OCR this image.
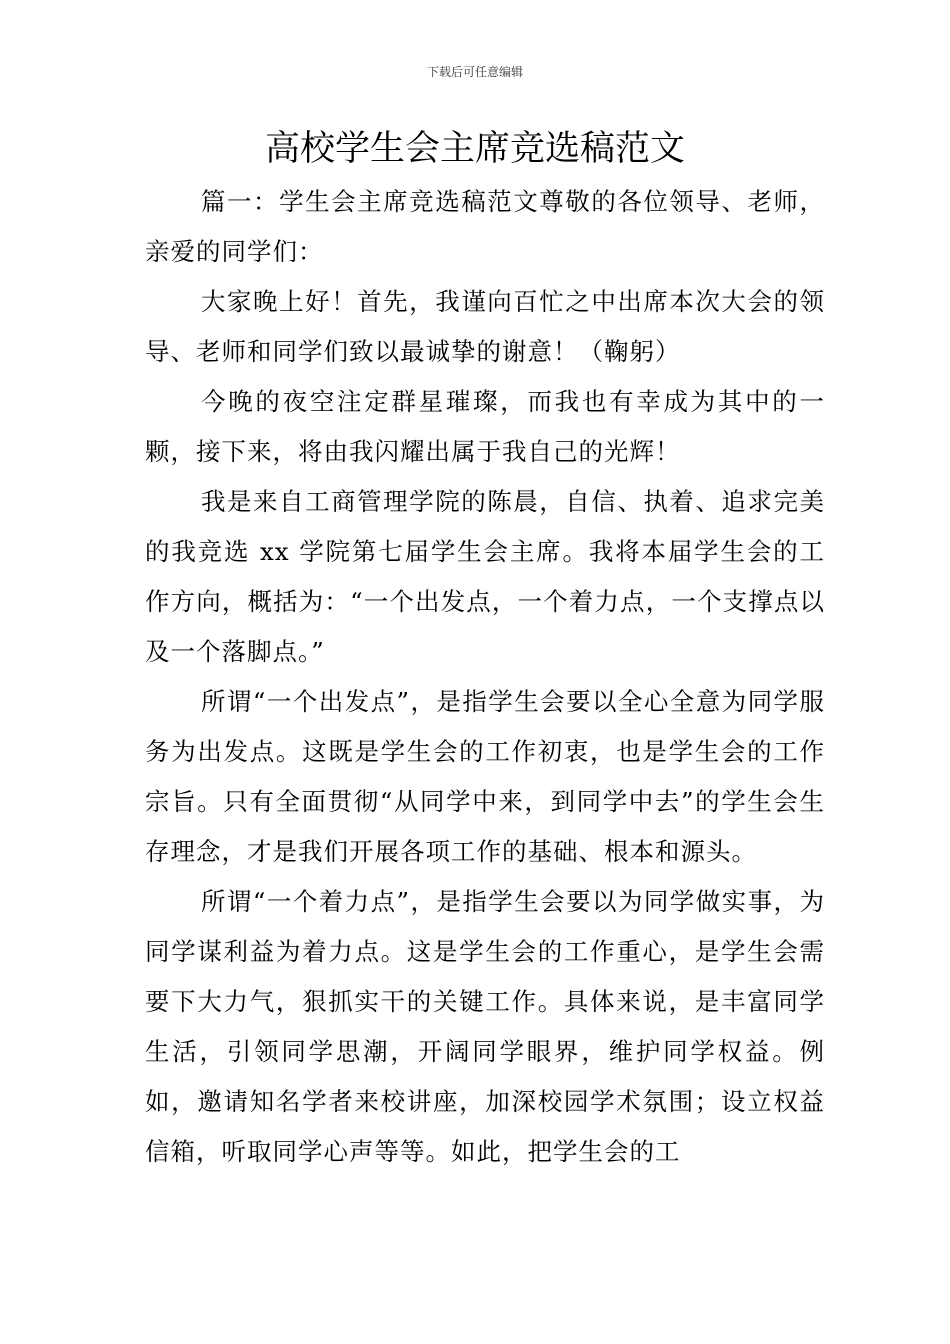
下载后可任意编辑
高校学生会主席竞选稿范文

篇一：学生会主席竞选稿范文尊敬的各位领导、老师，亲爱的同学们：

大家晚上好！首先，我谨向百忙之中出席本次大会的领导、老师和同学们致以最诚挚的谢意！（鞠躬）

今晚的夜空注定群星璀璨，而我也有幸成为其中的一颗，接下来，将由我闪耀出属于我自己的光辉！

我是来自工商管理学院的陈晨，自信、执着、追求完美的我竞选 xx 学院第七届学生会主席。我将本届学生会的工作方向，概括为：“一个出发点，一个着力点，一个支撑点以及一个落脚点。”

所谓“一个出发点”，是指学生会要以全心全意为同学服务为出发点。这既是学生会的工作初衷，也是学生会的工作宗旨。只有全面贯彻“从同学中来，到同学中去”的学生会生存理念，才是我们开展各项工作的基础、根本和源头。

所谓“一个着力点”，是指学生会要以为同学做实事，为同学谋利益为着力点。这是学生会的工作重心，是学生会需要下大力气，狠抓实干的关键工作。具体来说，是丰富同学生活，引领同学思潮，开阔同学眼界，维护同学权益。例如，邀请知名学者来校讲座，加深校园学术氛围；设立权益信箱，听取同学心声等等。如此，把学生会的工
